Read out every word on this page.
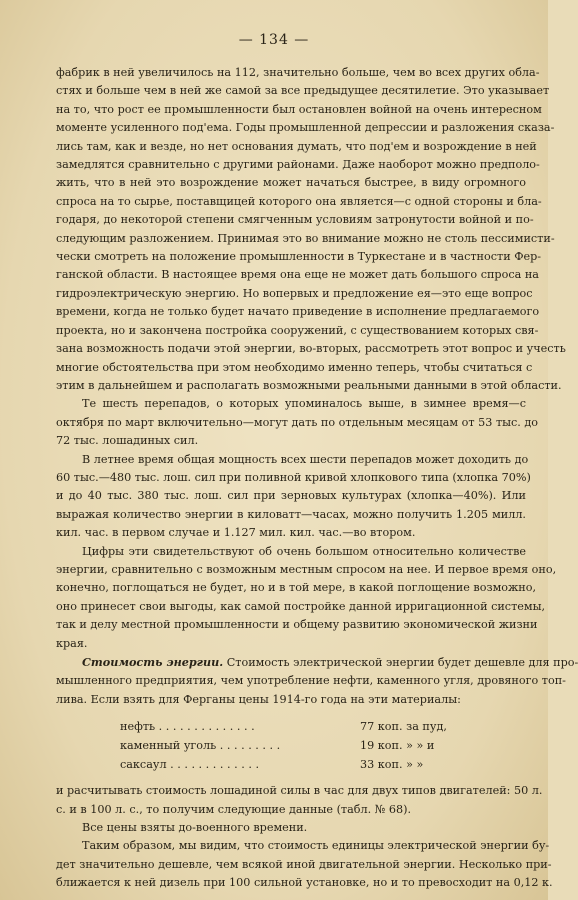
— 134 —
фабрик в ней увеличилось на 112, значительно больше, чем во всех других обла-
стях и больше чем в ней же самой за все предыдущее десятилетие. Это указывает
на то, что рост ее промышленности был остановлен войной на очень интересном
моменте усиленного под'ема. Годы промышленной депрессии и разложения сказа-
лись там, как и везде, но нет основания думать, что под'ем и возрождение в ней
замедлятся сравнительно с другими районами. Даже наоборот можно предполо-
жить, что в ней это возрождение может начаться быстрее, в виду огромного
спроса на то сырье, поставщицей которого она является—с одной стороны и бла-
годаря, до некоторой степени смягченным условиям затронутости войной и по-
следующим разложением. Принимая это во внимание можно не столь пессимисти-
чески смотреть на положение промышленности в Туркестане и в частности Фер-
ганской области. В настоящее время она еще не может дать большого спроса на
гидроэлектрическую энергию. Но вопервых и предложение ея—это еще вопрос
времени, когда не только будет начато приведение в исполнение предлагаемого
проекта, но и закончена постройка сооружений, с существованием которых свя-
зана возможность подачи этой энергии, во-вторых, рассмотреть этот вопрос и учесть
многие обстоятельства при этом необходимо именно теперь, чтобы считаться с
этим в дальнейшем и располагать возможными реальными данными в этой области.
Те шесть перепадов, о которых упоминалось выше, в зимнее время—с
октября по март включительно—могут дать по отдельным месяцам от 53 тыс. до
72 тыс. лошадиных сил.
В летнее время общая мощность всех шести перепадов может доходить до
60 тыс.—480 тыс. лош. сил при поливной кривой хлопкового типа (хлопка 70%)
и до 40 тыс. 380 тыс. лош. сил при зерновых культурах (хлопка—40%). Или
выражая количество энергии в киловатт—часах, можно получить 1.205 милл.
кил. час. в первом случае и 1.127 мил. кил. час.—во втором.
Цифры эти свидетельствуют об очень большом относительно количестве
энергии, сравнительно с возможным местным спросом на нее. И первое время оно,
конечно, поглощаться не будет, но и в той мере, в какой поглощение возможно,
оно принесет свои выгоды, как самой постройке данной ирригационной системы,
так и делу местной промышленности и общему развитию экономической жизни
края.
Стоимость энергии. Стоимость электрической энергии будет дешевле для про-
мышленного предприятия, чем употребление нефти, каменного угля, дровяного топ-
лива. Если взять для Ферганы цены 1914-го года на эти материалы:
нефть . . . . . . . . . . . . . .	77 коп. за пуд,
каменный уголь . . . . . . . . .	19 коп. » » и
саксаул . . . . . . . . . . . . .	33 коп. » »
и расчитывать стоимость лошадиной силы в час для двух типов двигателей: 50 л.
с. и в 100 л. с., то получим следующие данные (табл. № 68).
Все цены взяты до-военного времени.
Таким образом, мы видим, что стоимость единицы электрической энергии бу-
дет значительно дешевле, чем всякой иной двигательной энергии. Несколько при-
ближается к ней дизель при 100 сильной установке, но и то превосходит на 0,12 к.
